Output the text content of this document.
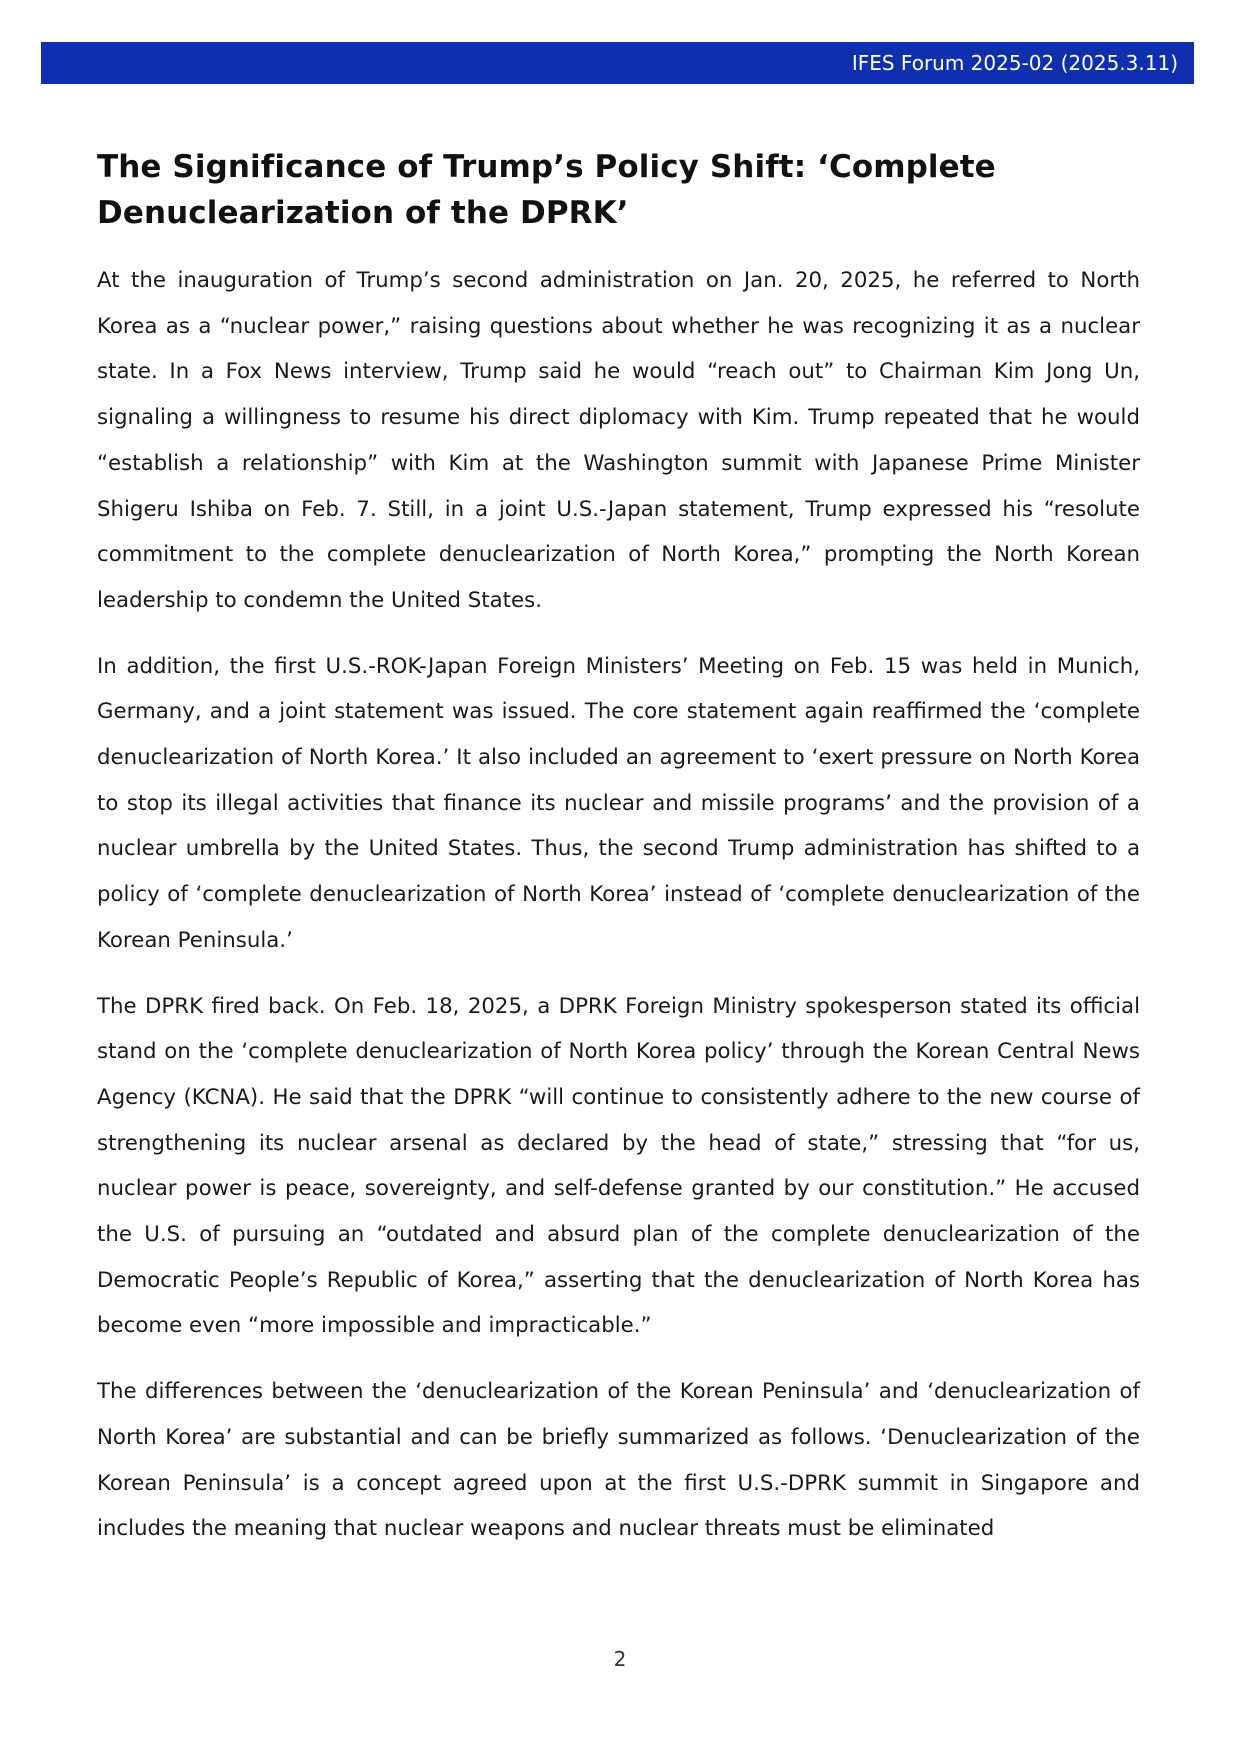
IFES Forum 2025-02 (2025.3.11)
The Significance of Trump’s Policy Shift: ‘Complete Denuclearization of the DPRK’

At the inauguration of Trump’s second administration on Jan. 20, 2025, he referred to North Korea as a “nuclear power,” raising questions about whether he was recognizing it as a nuclear state. In a Fox News interview, Trump said he would “reach out” to Chairman Kim Jong Un, signaling a willingness to resume his direct diplomacy with Kim. Trump repeated that he would “establish a relationship” with Kim at the Washington summit with Japanese Prime Minister Shigeru Ishiba on Feb. 7. Still, in a joint U.S.-Japan statement, Trump expressed his “resolute commitment to the complete denuclearization of North Korea,” prompting the North Korean leadership to condemn the United States.

In addition, the first U.S.-ROK-Japan Foreign Ministers’ Meeting on Feb. 15 was held in Munich, Germany, and a joint statement was issued. The core statement again reaffirmed the ‘complete denuclearization of North Korea.’ It also included an agreement to ‘exert pressure on North Korea to stop its illegal activities that finance its nuclear and missile programs’ and the provision of a nuclear umbrella by the United States. Thus, the second Trump administration has shifted to a policy of ‘complete denuclearization of North Korea’ instead of ‘complete denuclearization of the Korean Peninsula.’

The DPRK fired back. On Feb. 18, 2025, a DPRK Foreign Ministry spokesperson stated its official stand on the ‘complete denuclearization of North Korea policy’ through the Korean Central News Agency (KCNA). He said that the DPRK “will continue to consistently adhere to the new course of strengthening its nuclear arsenal as declared by the head of state,” stressing that “for us, nuclear power is peace, sovereignty, and self-defense granted by our constitution.” He accused the U.S. of pursuing an “outdated and absurd plan of the complete denuclearization of the Democratic People’s Republic of Korea,” asserting that the denuclearization of North Korea has become even “more impossible and impracticable.”

The differences between the ‘denuclearization of the Korean Peninsula’ and ‘denuclearization of North Korea’ are substantial and can be briefly summarized as follows. ‘Denuclearization of the Korean Peninsula’ is a concept agreed upon at the first U.S.-DPRK summit in Singapore and includes the meaning that nuclear weapons and nuclear threats must be eliminated

2
